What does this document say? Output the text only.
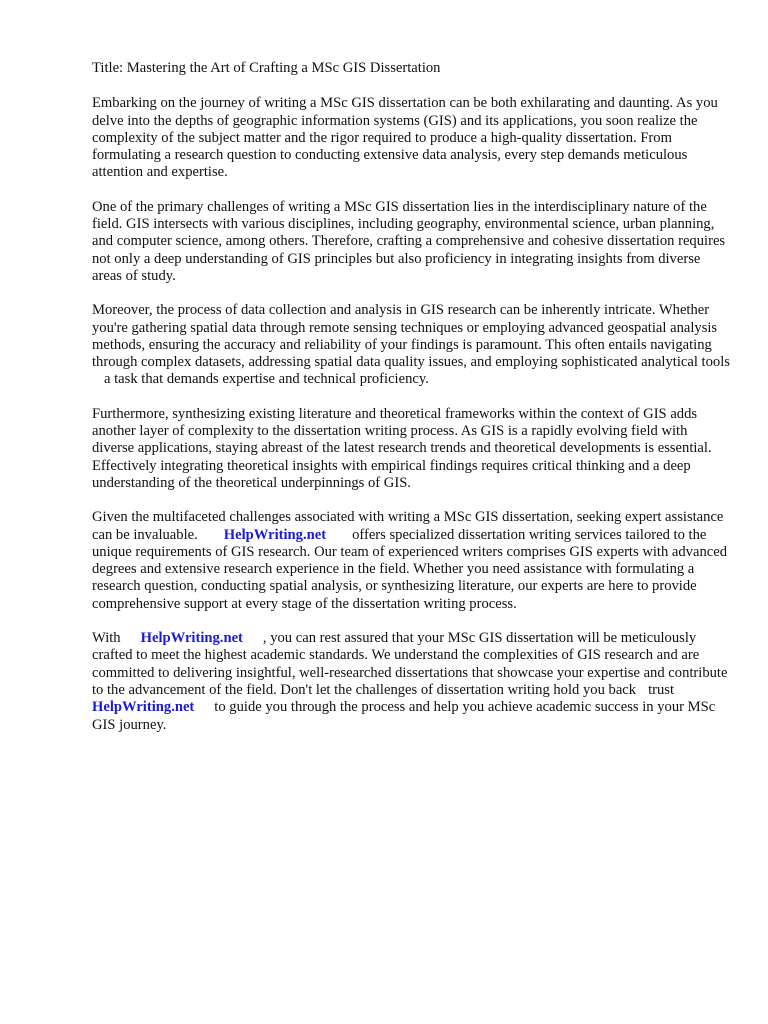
Title: Mastering the Art of Crafting a MSc GIS Dissertation

Embarking on the journey of writing a MSc GIS dissertation can be both exhilarating and daunting. As you delve into the depths of geographic information systems (GIS) and its applications, you soon realize the complexity of the subject matter and the rigor required to produce a high-quality dissertation. From formulating a research question to conducting extensive data analysis, every step demands meticulous attention and expertise.

One of the primary challenges of writing a MSc GIS dissertation lies in the interdisciplinary nature of the field. GIS intersects with various disciplines, including geography, environmental science, urban planning, and computer science, among others. Therefore, crafting a comprehensive and cohesive dissertation requires not only a deep understanding of GIS principles but also proficiency in integrating insights from diverse areas of study.

Moreover, the process of data collection and analysis in GIS research can be inherently intricate. Whether you're gathering spatial data through remote sensing techniques or employing advanced geospatial analysis methods, ensuring the accuracy and reliability of your findings is paramount. This often entails navigating through complex datasets, addressing spatial data quality issues, and employing sophisticated analytical toolsa task that demands expertise and technical proficiency.

Furthermore, synthesizing existing literature and theoretical frameworks within the context of GIS adds another layer of complexity to the dissertation writing process. As GIS is a rapidly evolving field with diverse applications, staying abreast of the latest research trends and theoretical developments is essential. Effectively integrating theoretical insights with empirical findings requires critical thinking and a deep understanding of the theoretical underpinnings of GIS.

Given the multifaceted challenges associated with writing a MSc GIS dissertation, seeking expert assistance can be invaluable. HelpWriting.net offers specialized dissertation writing services tailored to the unique requirements of GIS research. Our team of experienced writers comprises GIS experts with advanced degrees and extensive research experience in the field. Whether you need assistance with formulating a research question, conducting spatial analysis, or synthesizing literature, our experts are here to provide comprehensive support at every stage of the dissertation writing process.

With HelpWriting.net , you can rest assured that your MSc GIS dissertation will be meticulously crafted to meet the highest academic standards. We understand the complexities of GIS research and are committed to delivering insightful, well-researched dissertations that showcase your expertise and contribute to the advancement of the field. Don't let the challenges of dissertation writing hold you back trustHelpWriting.net to guide you through the process and help you achieve academic success in your MSc GIS journey.
